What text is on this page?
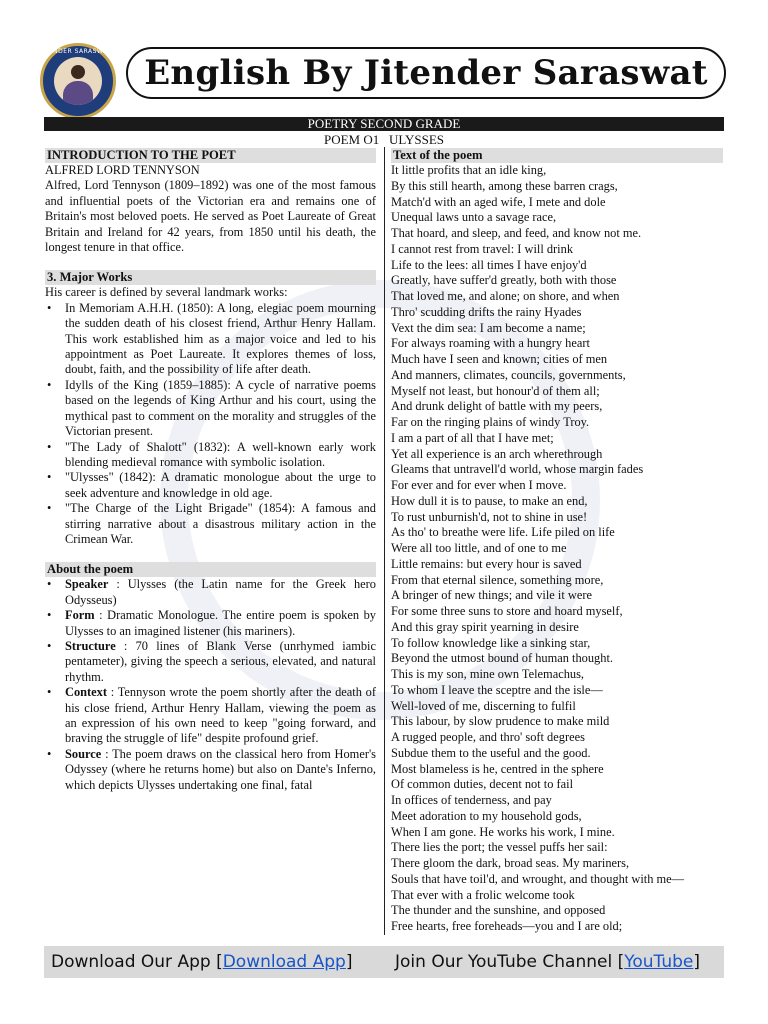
TENDER SARASWAT
English By Jitender Saraswat
POETRY SECOND GRADE
POEM O1   ULYSSES
INTRODUCTION TO THE POET
ALFRED LORD TENNYSON
Alfred, Lord Tennyson (1809–1892) was one of the most famous and influential poets of the Victorian era and remains one of Britain's most beloved poets. He served as Poet Laureate of Great Britain and Ireland for 42 years, from 1850 until his death, the longest tenure in that office.
3. Major Works
His career is defined by several landmark works:
• In Memoriam A.H.H. (1850): A long, elegiac poem mourning the sudden death of his closest friend, Arthur Henry Hallam. This work established him as a major voice and led to his appointment as Poet Laureate. It explores themes of loss, doubt, faith, and the possibility of life after death.
• Idylls of the King (1859–1885): A cycle of narrative poems based on the legends of King Arthur and his court, using the mythical past to comment on the morality and struggles of the Victorian present.
• "The Lady of Shalott" (1832): A well-known early work blending medieval romance with symbolic isolation.
• "Ulysses" (1842): A dramatic monologue about the urge to seek adventure and knowledge in old age.
• "The Charge of the Light Brigade" (1854): A famous and stirring narrative about a disastrous military action in the Crimean War.
About the poem
• Speaker : Ulysses (the Latin name for the Greek hero Odysseus)
• Form : Dramatic Monologue. The entire poem is spoken by Ulysses to an imagined listener (his mariners).
• Structure : 70 lines of Blank Verse (unrhymed iambic pentameter), giving the speech a serious, elevated, and natural rhythm.
• Context : Tennyson wrote the poem shortly after the death of his close friend, Arthur Henry Hallam, viewing the poem as an expression of his own need to keep "going forward, and braving the struggle of life" despite profound grief.
• Source : The poem draws on the classical hero from Homer's Odyssey (where he returns home) but also on Dante's Inferno, which depicts Ulysses undertaking one final, fatal
Text of the poem
It little profits that an idle king,
By this still hearth, among these barren crags,
Match'd with an aged wife, I mete and dole
Unequal laws unto a savage race,
That hoard, and sleep, and feed, and know not me.
I cannot rest from travel: I will drink
Life to the lees: all times I have enjoy'd
Greatly, have suffer'd greatly, both with those
That loved me, and alone; on shore, and when
Thro' scudding drifts the rainy Hyades
Vext the dim sea: I am become a name;
For always roaming with a hungry heart
Much have I seen and known; cities of men
And manners, climates, councils, governments,
Myself not least, but honour'd of them all;
And drunk delight of battle with my peers,
Far on the ringing plains of windy Troy.
I am a part of all that I have met;
Yet all experience is an arch wherethrough
Gleams that untravell'd world, whose margin fades
For ever and for ever when I move.
How dull it is to pause, to make an end,
To rust unburnish'd, not to shine in use!
As tho' to breathe were life. Life piled on life
Were all too little, and of one to me
Little remains: but every hour is saved
From that eternal silence, something more,
A bringer of new things; and vile it were
For some three suns to store and hoard myself,
And this gray spirit yearning in desire
To follow knowledge like a sinking star,
Beyond the utmost bound of human thought.
This is my son, mine own Telemachus,
To whom I leave the sceptre and the isle—
Well-loved of me, discerning to fulfil
This labour, by slow prudence to make mild
A rugged people, and thro' soft degrees
Subdue them to the useful and the good.
Most blameless is he, centred in the sphere
Of common duties, decent not to fail
In offices of tenderness, and pay
Meet adoration to my household gods,
When I am gone. He works his work, I mine.
There lies the port; the vessel puffs her sail:
There gloom the dark, broad seas. My mariners,
Souls that have toil'd, and wrought, and thought with me—
That ever with a frolic welcome took
The thunder and the sunshine, and opposed
Free hearts, free foreheads—you and I are old;
Download Our App [Download App]	Join Our YouTube Channel [YouTube]
